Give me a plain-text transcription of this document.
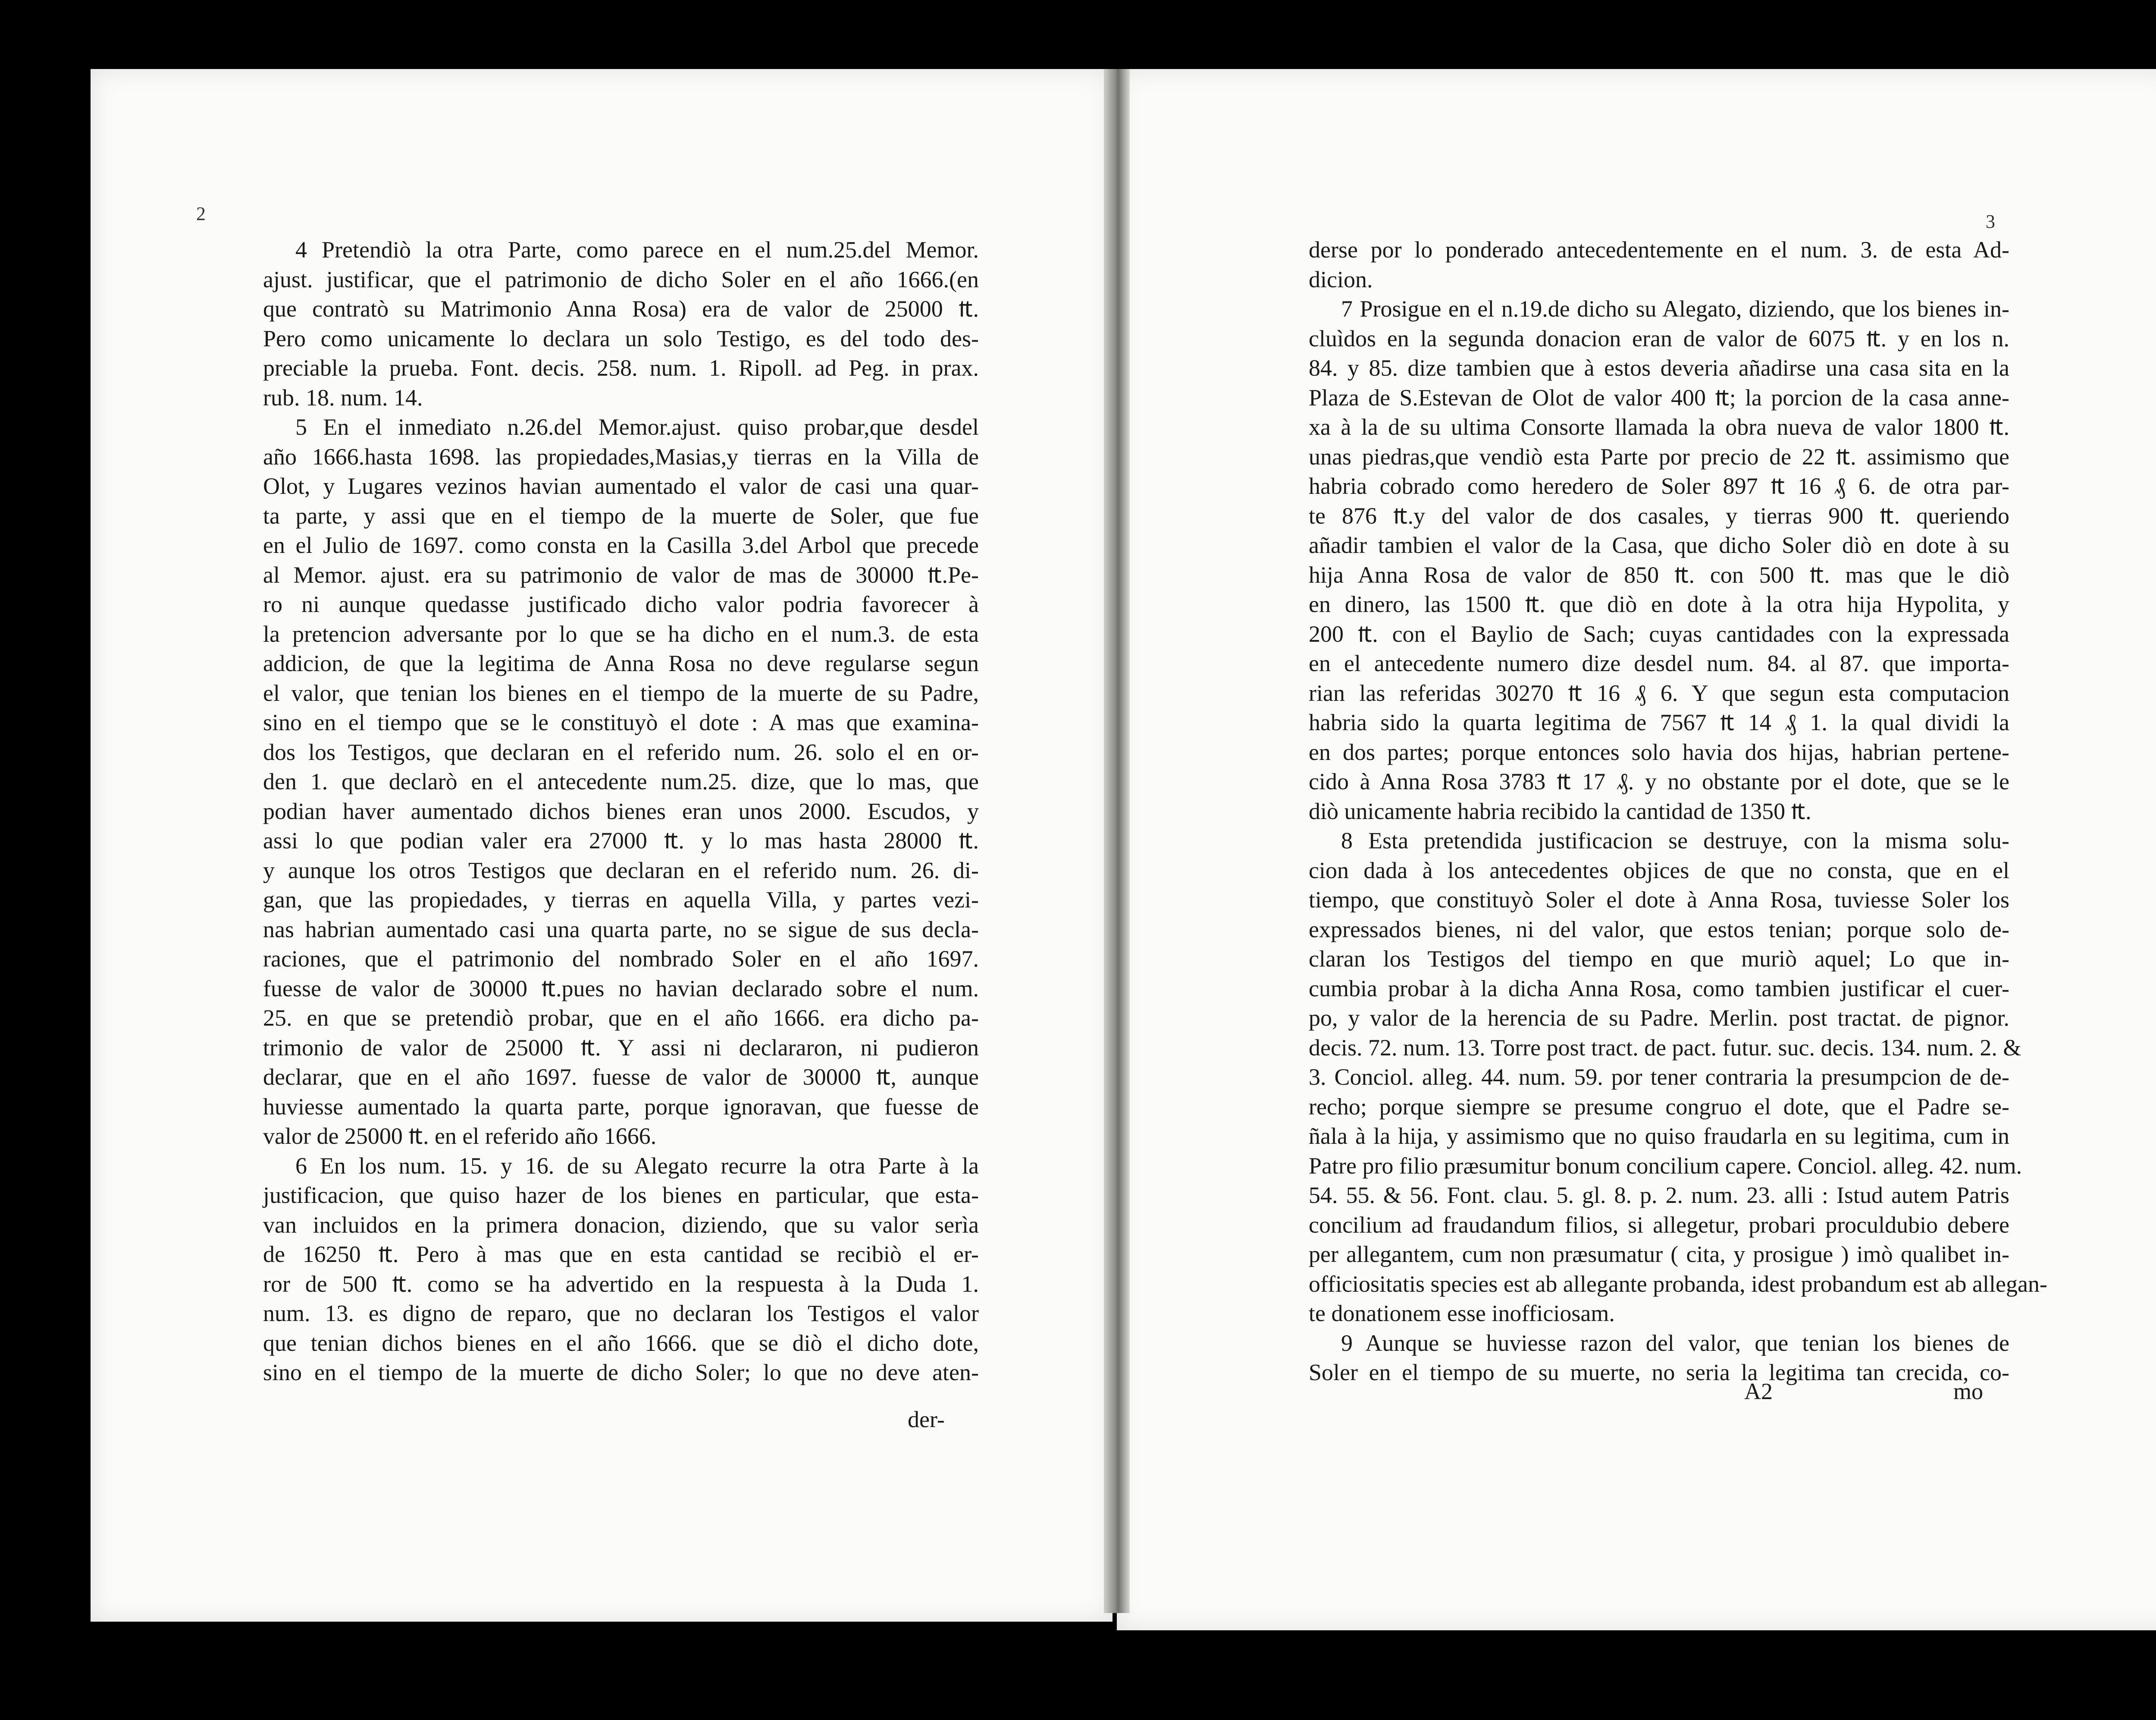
2	3
4 Pretendiò la otra Parte, como parece en el num.25.del Memor.
ajust. justificar, que el patrimonio de dicho Soler en el año 1666.(en
que contratò su Matrimonio Anna Rosa) era de valor de 25000 ₶.
Pero como unicamente lo declara un solo Testigo, es del todo des-
preciable la prueba. Font. decis. 258. num. 1. Ripoll. ad Peg. in prax.
rub. 18. num. 14.
5 En el inmediato n.26.del Memor.ajust. quiso probar,que desdel
año 1666.hasta 1698. las propiedades,Masias,y tierras en la Villa de
Olot, y Lugares vezinos havian aumentado el valor de casi una quar-
ta parte, y assi que en el tiempo de la muerte de Soler, que fue
en el Julio de 1697. como consta en la Casilla 3.del Arbol que precede
al Memor. ajust. era su patrimonio de valor de mas de 30000 ₶.Pe-
ro ni aunque quedasse justificado dicho valor podria favorecer à
la pretencion adversante por lo que se ha dicho en el num.3. de esta
addicion, de que la legitima de Anna Rosa no deve regularse segun
el valor, que tenian los bienes en el tiempo de la muerte de su Padre,
sino en el tiempo que se le constituyò el dote : A mas que examina-
dos los Testigos, que declaran en el referido num. 26. solo el en or-
den 1. que declarò en el antecedente num.25. dize, que lo mas, que
podian haver aumentado dichos bienes eran unos 2000. Escudos, y
assi lo que podian valer era 27000 ₶. y lo mas hasta 28000 ₶.
y aunque los otros Testigos que declaran en el referido num. 26. di-
gan, que las propiedades, y tierras en aquella Villa, y partes vezi-
nas habrian aumentado casi una quarta parte, no se sigue de sus decla-
raciones, que el patrimonio del nombrado Soler en el año 1697.
fuesse de valor de 30000 ₶.pues no havian declarado sobre el num.
25. en que se pretendiò probar, que en el año 1666. era dicho pa-
trimonio de valor de 25000 ₶. Y assi ni declararon, ni pudieron
declarar, que en el año 1697. fuesse de valor de 30000 ₶, aunque
huviesse aumentado la quarta parte, porque ignoravan, que fuesse de
valor de 25000 ₶. en el referido año 1666.
6 En los num. 15. y 16. de su Alegato recurre la otra Parte à la
justificacion, que quiso hazer de los bienes en particular, que esta-
van incluidos en la primera donacion, diziendo, que su valor serìa
de 16250 ₶. Pero à mas que en esta cantidad se recibiò el er-
ror de 500 ₶. como se ha advertido en la respuesta à la Duda 1.
num. 13. es digno de reparo, que no declaran los Testigos el valor
que tenian dichos bienes en el año 1666. que se diò el dicho dote,
sino en el tiempo de la muerte de dicho Soler; lo que no deve aten-
derse por lo ponderado antecedentemente en el num. 3. de esta Ad-
dicion.
7 Prosigue en el n.19.de dicho su Alegato, diziendo, que los bienes in-
cluìdos en la segunda donacion eran de valor de 6075 ₶. y en los n.
84. y 85. dize tambien que à estos deveria añadirse una casa sita en la
Plaza de S.Estevan de Olot de valor 400 ₶; la porcion de la casa anne-
xa à la de su ultima Consorte llamada la obra nueva de valor 1800 ₶.
unas piedras,que vendiò esta Parte por precio de 22 ₶. assimismo que
habria cobrado como heredero de Soler 897 ₶ 16 ₰ 6. de otra par-
te 876 ₶.y del valor de dos casales, y tierras 900 ₶. queriendo
añadir tambien el valor de la Casa, que dicho Soler diò en dote à su
hija Anna Rosa de valor de 850 ₶. con 500 ₶. mas que le diò
en dinero, las 1500 ₶. que diò en dote à la otra hija Hypolita, y
200 ₶. con el Baylio de Sach; cuyas cantidades con la expressada
en el antecedente numero dize desdel num. 84. al 87. que importa-
rian las referidas 30270 ₶ 16 ₰ 6. Y que segun esta computacion
habria sido la quarta legitima de 7567 ₶ 14 ₰ 1. la qual dividi la
en dos partes; porque entonces solo havia dos hijas, habrian pertene-
cido à Anna Rosa 3783 ₶ 17 ₰. y no obstante por el dote, que se le
diò unicamente habria recibido la cantidad de 1350 ₶.
8 Esta pretendida justificacion se destruye, con la misma solu-
cion dada à los antecedentes objices de que no consta, que en el
tiempo, que constituyò Soler el dote à Anna Rosa, tuviesse Soler los
expressados bienes, ni del valor, que estos tenian; porque solo de-
claran los Testigos del tiempo en que muriò aquel; Lo que in-
cumbia probar à la dicha Anna Rosa, como tambien justificar el cuer-
po, y valor de la herencia de su Padre. Merlin. post tractat. de pignor.
decis. 72. num. 13. Torre post tract. de pact. futur. suc. decis. 134. num. 2. &
3. Conciol. alleg. 44. num. 59. por tener contraria la presumpcion de de-
recho; porque siempre se presume congruo el dote, que el Padre se-
ñala à la hija, y assimismo que no quiso fraudarla en su legitima, cum in
Patre pro filio præsumitur bonum concilium capere. Conciol. alleg. 42. num.
54. 55. & 56. Font. clau. 5. gl. 8. p. 2. num. 23. alli : Istud autem Patris
concilium ad fraudandum filios, si allegetur, probari proculdubio debere
per allegantem, cum non præsumatur ( cita, y prosigue ) imò qualibet in-
officiositatis species est ab allegante probanda, idest probandum est ab allegan-
te donationem esse inofficiosam.
9 Aunque se huviesse razon del valor, que tenian los bienes de
Soler en el tiempo de su muerte, no seria la legitima tan crecida, co-
der-
A2	mo
